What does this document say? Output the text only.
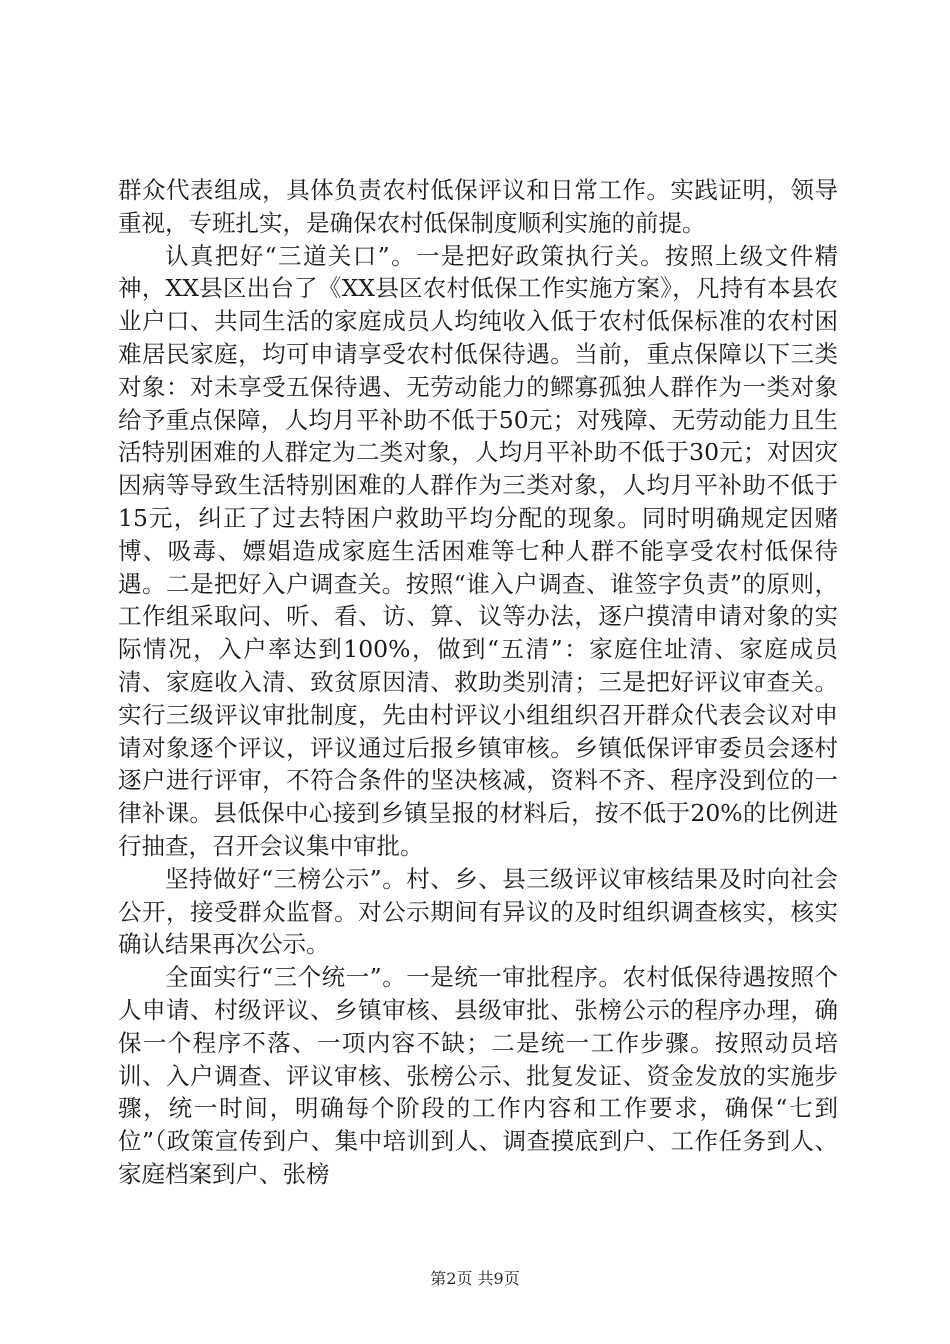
群众代表组成，具体负责农村低保评议和日常工作。实践证明，领导重视，专班扎实，是确保农村低保制度顺利实施的前提。

认真把好“三道关口”。一是把好政策执行关。按照上级文件精神，XX县区出台了《XX县区农村低保工作实施方案》，凡持有本县农业户口、共同生活的家庭成员人均纯收入低于农村低保标准的农村困难居民家庭，均可申请享受农村低保待遇。当前，重点保障以下三类对象：对未享受五保待遇、无劳动能力的鳏寡孤独人群作为一类对象给予重点保障，人均月平补助不低于50元；对残障、无劳动能力且生活特别困难的人群定为二类对象，人均月平补助不低于30元；对因灾因病等导致生活特别困难的人群作为三类对象，人均月平补助不低于15元，纠正了过去特困户救助平均分配的现象。同时明确规定因赌博、吸毒、嫖娼造成家庭生活困难等七种人群不能享受农村低保待遇。二是把好入户调查关。按照“谁入户调查、谁签字负责”的原则，工作组采取问、听、看、访、算、议等办法，逐户摸清申请对象的实际情况，入户率达到100%，做到“五清”：家庭住址清、家庭成员清、家庭收入清、致贫原因清、救助类别清；三是把好评议审查关。实行三级评议审批制度，先由村评议小组组织召开群众代表会议对申请对象逐个评议，评议通过后报乡镇审核。乡镇低保评审委员会逐村逐户进行评审，不符合条件的坚决核减，资料不齐、程序没到位的一律补课。县低保中心接到乡镇呈报的材料后，按不低于20%的比例进行抽查，召开会议集中审批。

坚持做好“三榜公示”。村、乡、县三级评议审核结果及时向社会公开，接受群众监督。对公示期间有异议的及时组织调查核实，核实确认结果再次公示。

全面实行“三个统一”。一是统一审批程序。农村低保待遇按照个人申请、村级评议、乡镇审核、县级审批、张榜公示的程序办理，确保一个程序不落、一项内容不缺；二是统一工作步骤。按照动员培训、入户调查、评议审核、张榜公示、批复发证、资金发放的实施步骤，统一时间，明确每个阶段的工作内容和工作要求，确保“七到位”（政策宣传到户、集中培训到人、调查摸底到户、工作任务到人、家庭档案到户、张榜

第2页 共9页
